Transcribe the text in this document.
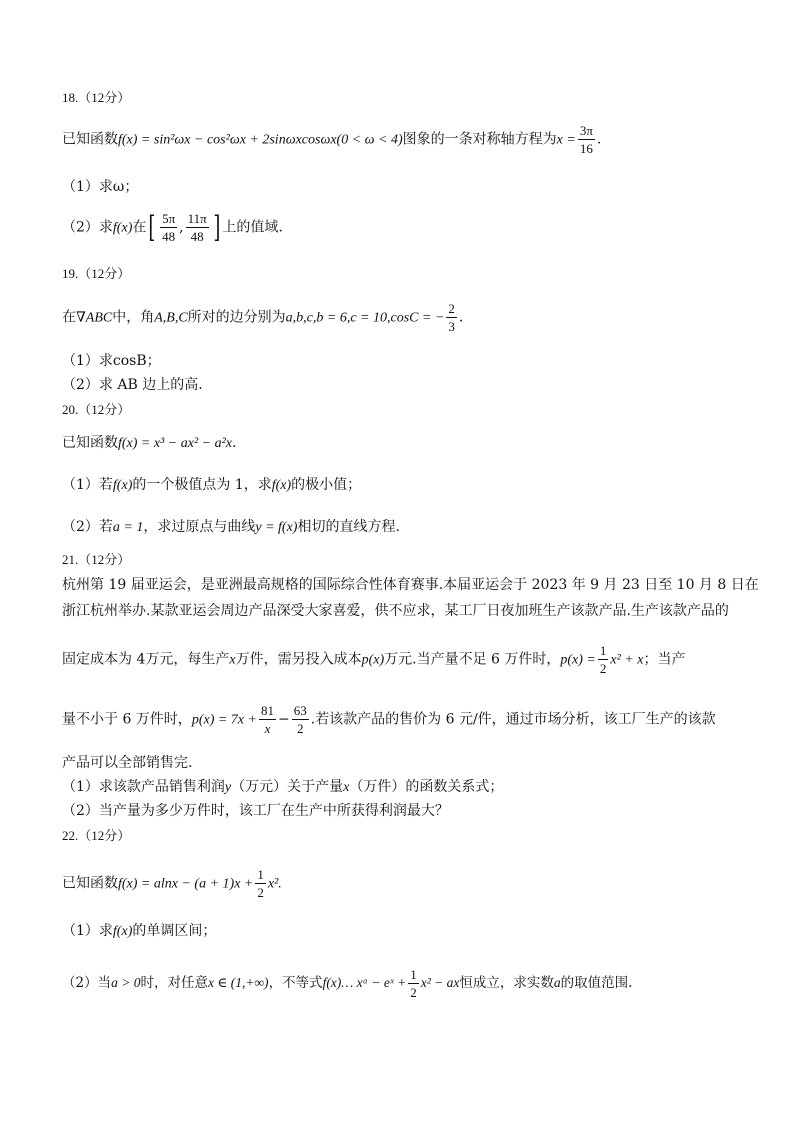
18.（12分）

已知函数f(x) = sin²ωx − cos²ωx + 2sinωxcosωx(0 < ω < 4)图象的一条对称轴方程为$x = \frac{3\pi}{16}$ .
（1）求ω；
（2）求f(x)在[ $\frac{5\pi}{48}$ , $\frac{11\pi}{48}$ ] 上的值域.

19.（12分）

在∇ABC中，角A,B,C所对的边分别为a,b,c,b = 6,c = 10,cosC = − $\frac{2}{3}$ .
（1）求cosB；
（2）求 AB 边上的高.

20.（12分）

已知函数f(x) = x³ − ax² − a²x.
（1）若f(x)的一个极值点为 1，求f(x)的极小值；
（2）若a = 1，求过原点与曲线y = f(x)相切的直线方程.

21.（12分）

杭州第 19 届亚运会，是亚洲最高规格的国际综合性体育赛事.本届亚运会于 2023 年 9 月 23 日至 10 月 8 日在
浙江杭州举办.某款亚运会周边产品深受大家喜爱，供不应求，某工厂日夜加班生产该款产品.生产该款产品的
固定成本为 4万元，每生产x万件，需另投入成本p(x)万元.当产量不足 6 万件时，$p(x) = \frac{1}{2} x^2 + x$；当产
量不小于 6 万件时，$p(x) = 7x + \frac{81}{x} - \frac{63}{2}$ .若该款产品的售价为 6 元/件，通过市场分析，该工厂生产的该款
产品可以全部销售完.
（1）求该款产品销售利润y（万元）关于产量x（万件）的函数关系式；
（2）当产量为多少万件时，该工厂在生产中所获得利润最大？

22.（12分）

已知函数$f(x) = alnx - (a + 1)x + \frac{1}{2} x^2$.
（1）求f(x)的单调区间；
（2）当a > 0时，对任意x ∈ (1,+∞)，不等式f(x)… xᵃ − eˣ + $\frac{1}{2} x^2$ − ax恒成立，求实数a的取值范围.
